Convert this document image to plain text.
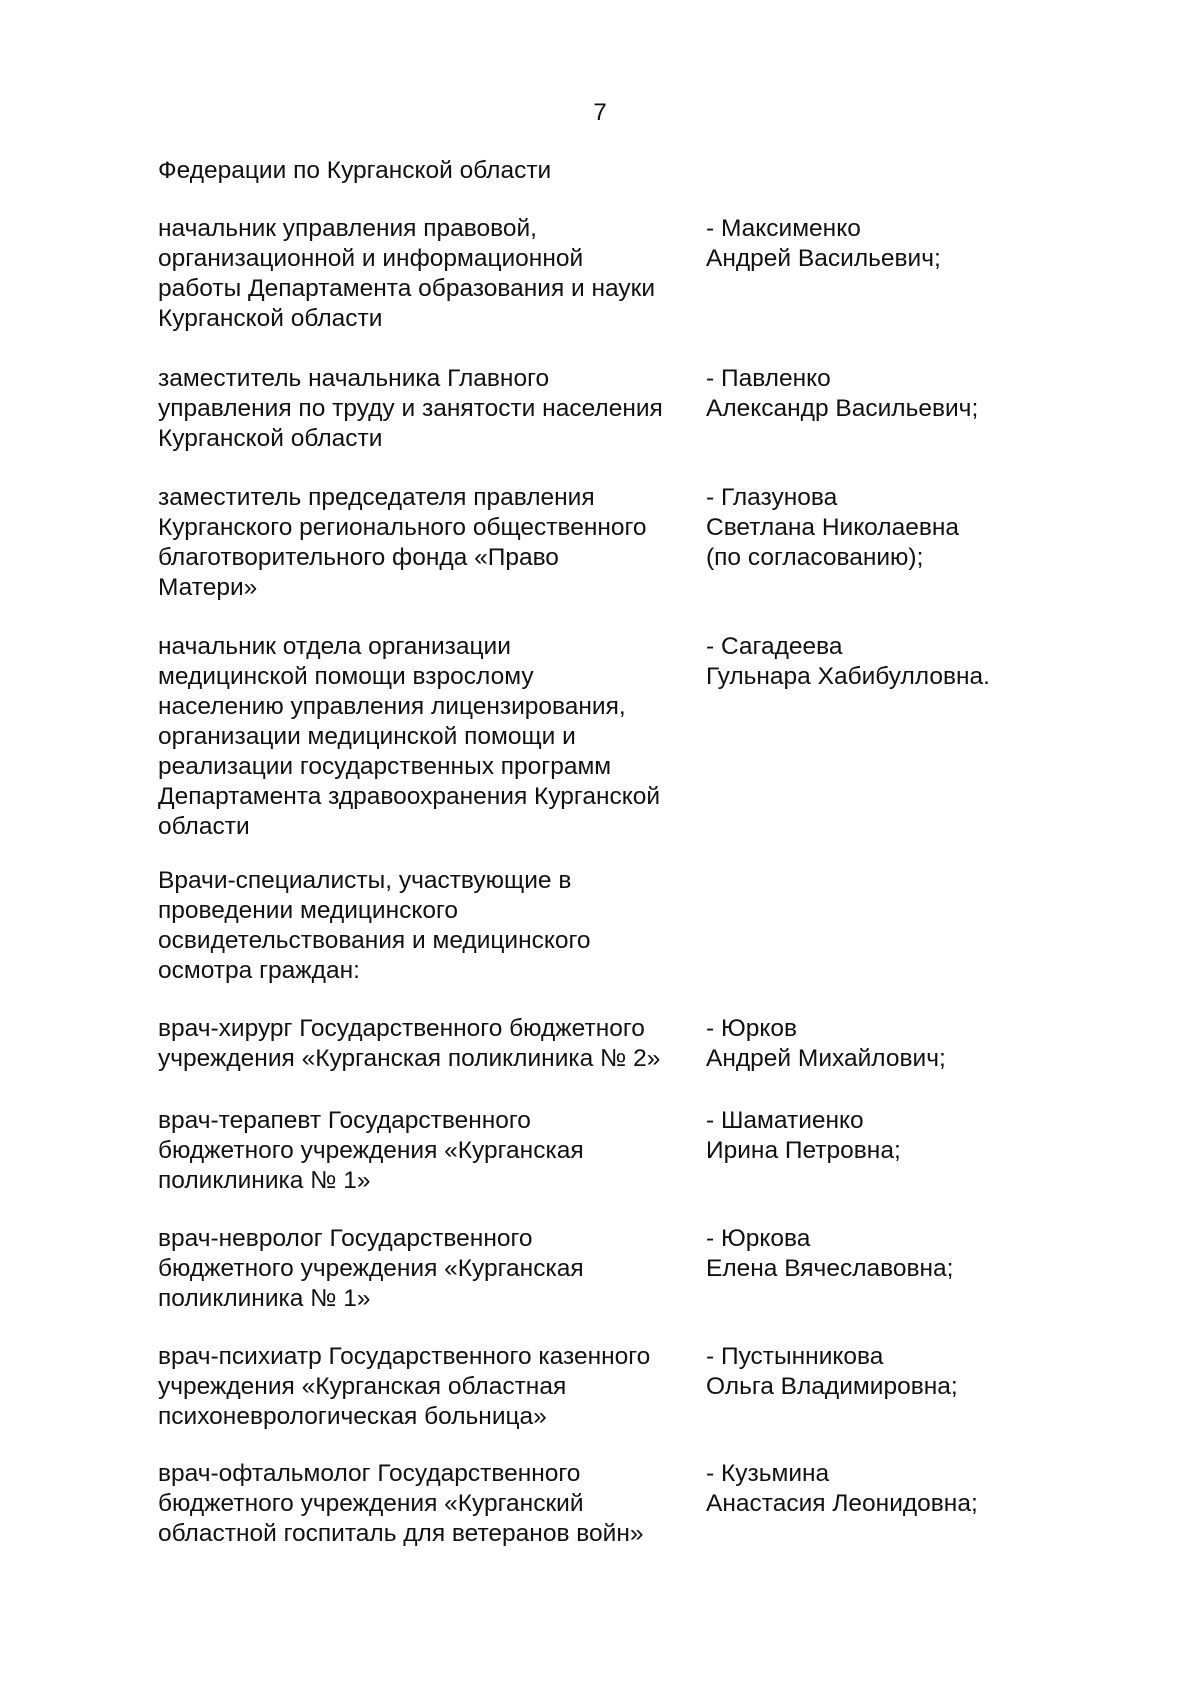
7
Федерации по Курганской области
начальник управления правовой,
организационной и информационной
работы Департамента образования и науки
Курганской области
- Максименко
Андрей Васильевич;
заместитель начальника Главного
управления по труду и занятости населения
Курганской области
- Павленко
Александр Васильевич;
заместитель председателя правления
Курганского регионального общественного
благотворительного фонда «Право
Матери»
- Глазунова
Светлана Николаевна
(по согласованию);
начальник отдела организации
медицинской помощи взрослому
населению управления лицензирования,
организации медицинской помощи и
реализации государственных программ
Департамента здравоохранения Курганской
области
- Сагадеева
Гульнара Хабибулловна.
Врачи-специалисты, участвующие в
проведении медицинского
освидетельствования и медицинского
осмотра граждан:
врач-хирург Государственного бюджетного
учреждения «Курганская поликлиника № 2»
- Юрков
Андрей Михайлович;
врач-терапевт Государственного
бюджетного учреждения «Курганская
поликлиника № 1»
- Шаматиенко
Ирина Петровна;
врач-невролог Государственного
бюджетного учреждения «Курганская
поликлиника № 1»
- Юркова
Елена Вячеславовна;
врач-психиатр Государственного казенного
учреждения «Курганская областная
психоневрологическая больница»
- Пустынникова
Ольга Владимировна;
врач-офтальмолог Государственного
бюджетного учреждения «Курганский
областной госпиталь для ветеранов войн»
- Кузьмина
Анастасия Леонидовна;
